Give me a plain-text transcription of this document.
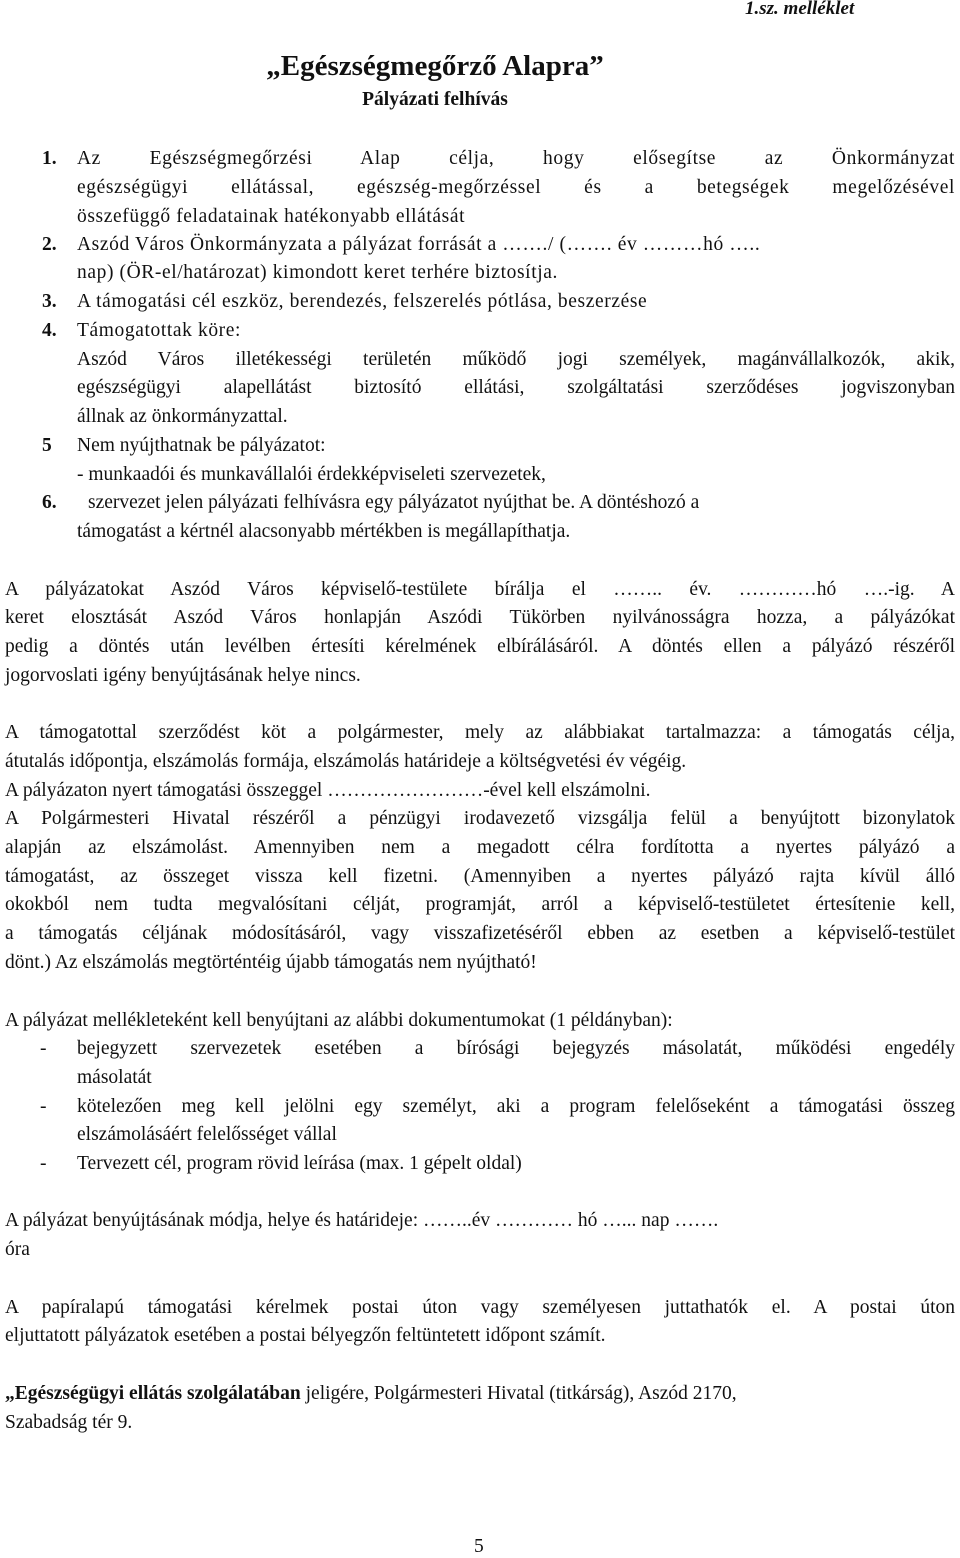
1.sz. melléklet
„Egészségmegőrző Alapra”
Pályázati felhívás
1. Az Egészségmegőrzési Alap célja, hogy elősegítse az Önkormányzat
egészségügyi ellátással, egészség-megőrzéssel és a betegségek megelőzésével
összefüggő feladatainak hatékonyabb ellátását
2. Aszód Város Önkormányzata a pályázat forrását a ……./ (……. év ………hó …..
nap) (ÖR-el/határozat) kimondott keret terhére biztosítja.
3. A támogatási cél eszköz, berendezés, felszerelés pótlása, beszerzése
4. Támogatottak köre:
Aszód Város illetékességi területén működő jogi személyek, magánvállalkozók, akik,
egészségügyi alapellátást biztosító ellátási, szolgáltatási szerződéses jogviszonyban
állnak az önkormányzattal.
5 Nem nyújthatnak be pályázatot:
- munkaadói és munkavállalói érdekképviseleti szervezetek,
6. szervezet jelen pályázati felhívásra egy pályázatot nyújthat be. A döntéshozó a
támogatást a kértnél alacsonyabb mértékben is megállapíthatja.
A pályázatokat Aszód Város képviselő-testülete bírálja el …….. év. …………hó ….-ig. A
keret elosztását Aszód Város honlapján Aszódi Tükörben nyilvánosságra hozza, a pályázókat
pedig a döntés után levélben értesíti kérelmének elbírálásáról. A döntés ellen a pályázó részéről
jogorvoslati igény benyújtásának helye nincs.
A támogatottal szerződést köt a polgármester, mely az alábbiakat tartalmazza: a támogatás célja,
átutalás időpontja, elszámolás formája, elszámolás határideje a költségvetési év végéig.
A pályázaton nyert támogatási összeggel ……………………-ével kell elszámolni.
A Polgármesteri Hivatal részéről a pénzügyi irodavezető vizsgálja felül a benyújtott bizonylatok
alapján az elszámolást. Amennyiben nem a megadott célra fordította a nyertes pályázó a
támogatást, az összeget vissza kell fizetni. (Amennyiben a nyertes pályázó rajta kívül álló
okokból nem tudta megvalósítani célját, programját, arról a képviselő-testületet értesítenie kell,
a támogatás céljának módosításáról, vagy visszafizetéséről ebben az esetben a képviselő-testület
dönt.) Az elszámolás megtörténtéig újabb támogatás nem nyújtható!
A pályázat mellékleteként kell benyújtani az alábbi dokumentumokat (1 példányban):
- bejegyzett szervezetek esetében a bírósági bejegyzés másolatát, működési engedély
másolatát
- kötelezően meg kell jelölni egy személyt, aki a program felelőseként a támogatási összeg
elszámolásáért felelősséget vállal
- Tervezett cél, program rövid leírása (max. 1 gépelt oldal)
A pályázat benyújtásának módja, helye és határideje: ……..év ………… hó …... nap …….
óra
A papíralapú támogatási kérelmek postai úton vagy személyesen juttathatók el. A postai úton
eljuttatott pályázatok esetében a postai bélyegzőn feltüntetett időpont számít.
„Egészségügyi ellátás szolgálatában jeligére, Polgármesteri Hivatal (titkárság), Aszód 2170,
Szabadság tér 9.
5
